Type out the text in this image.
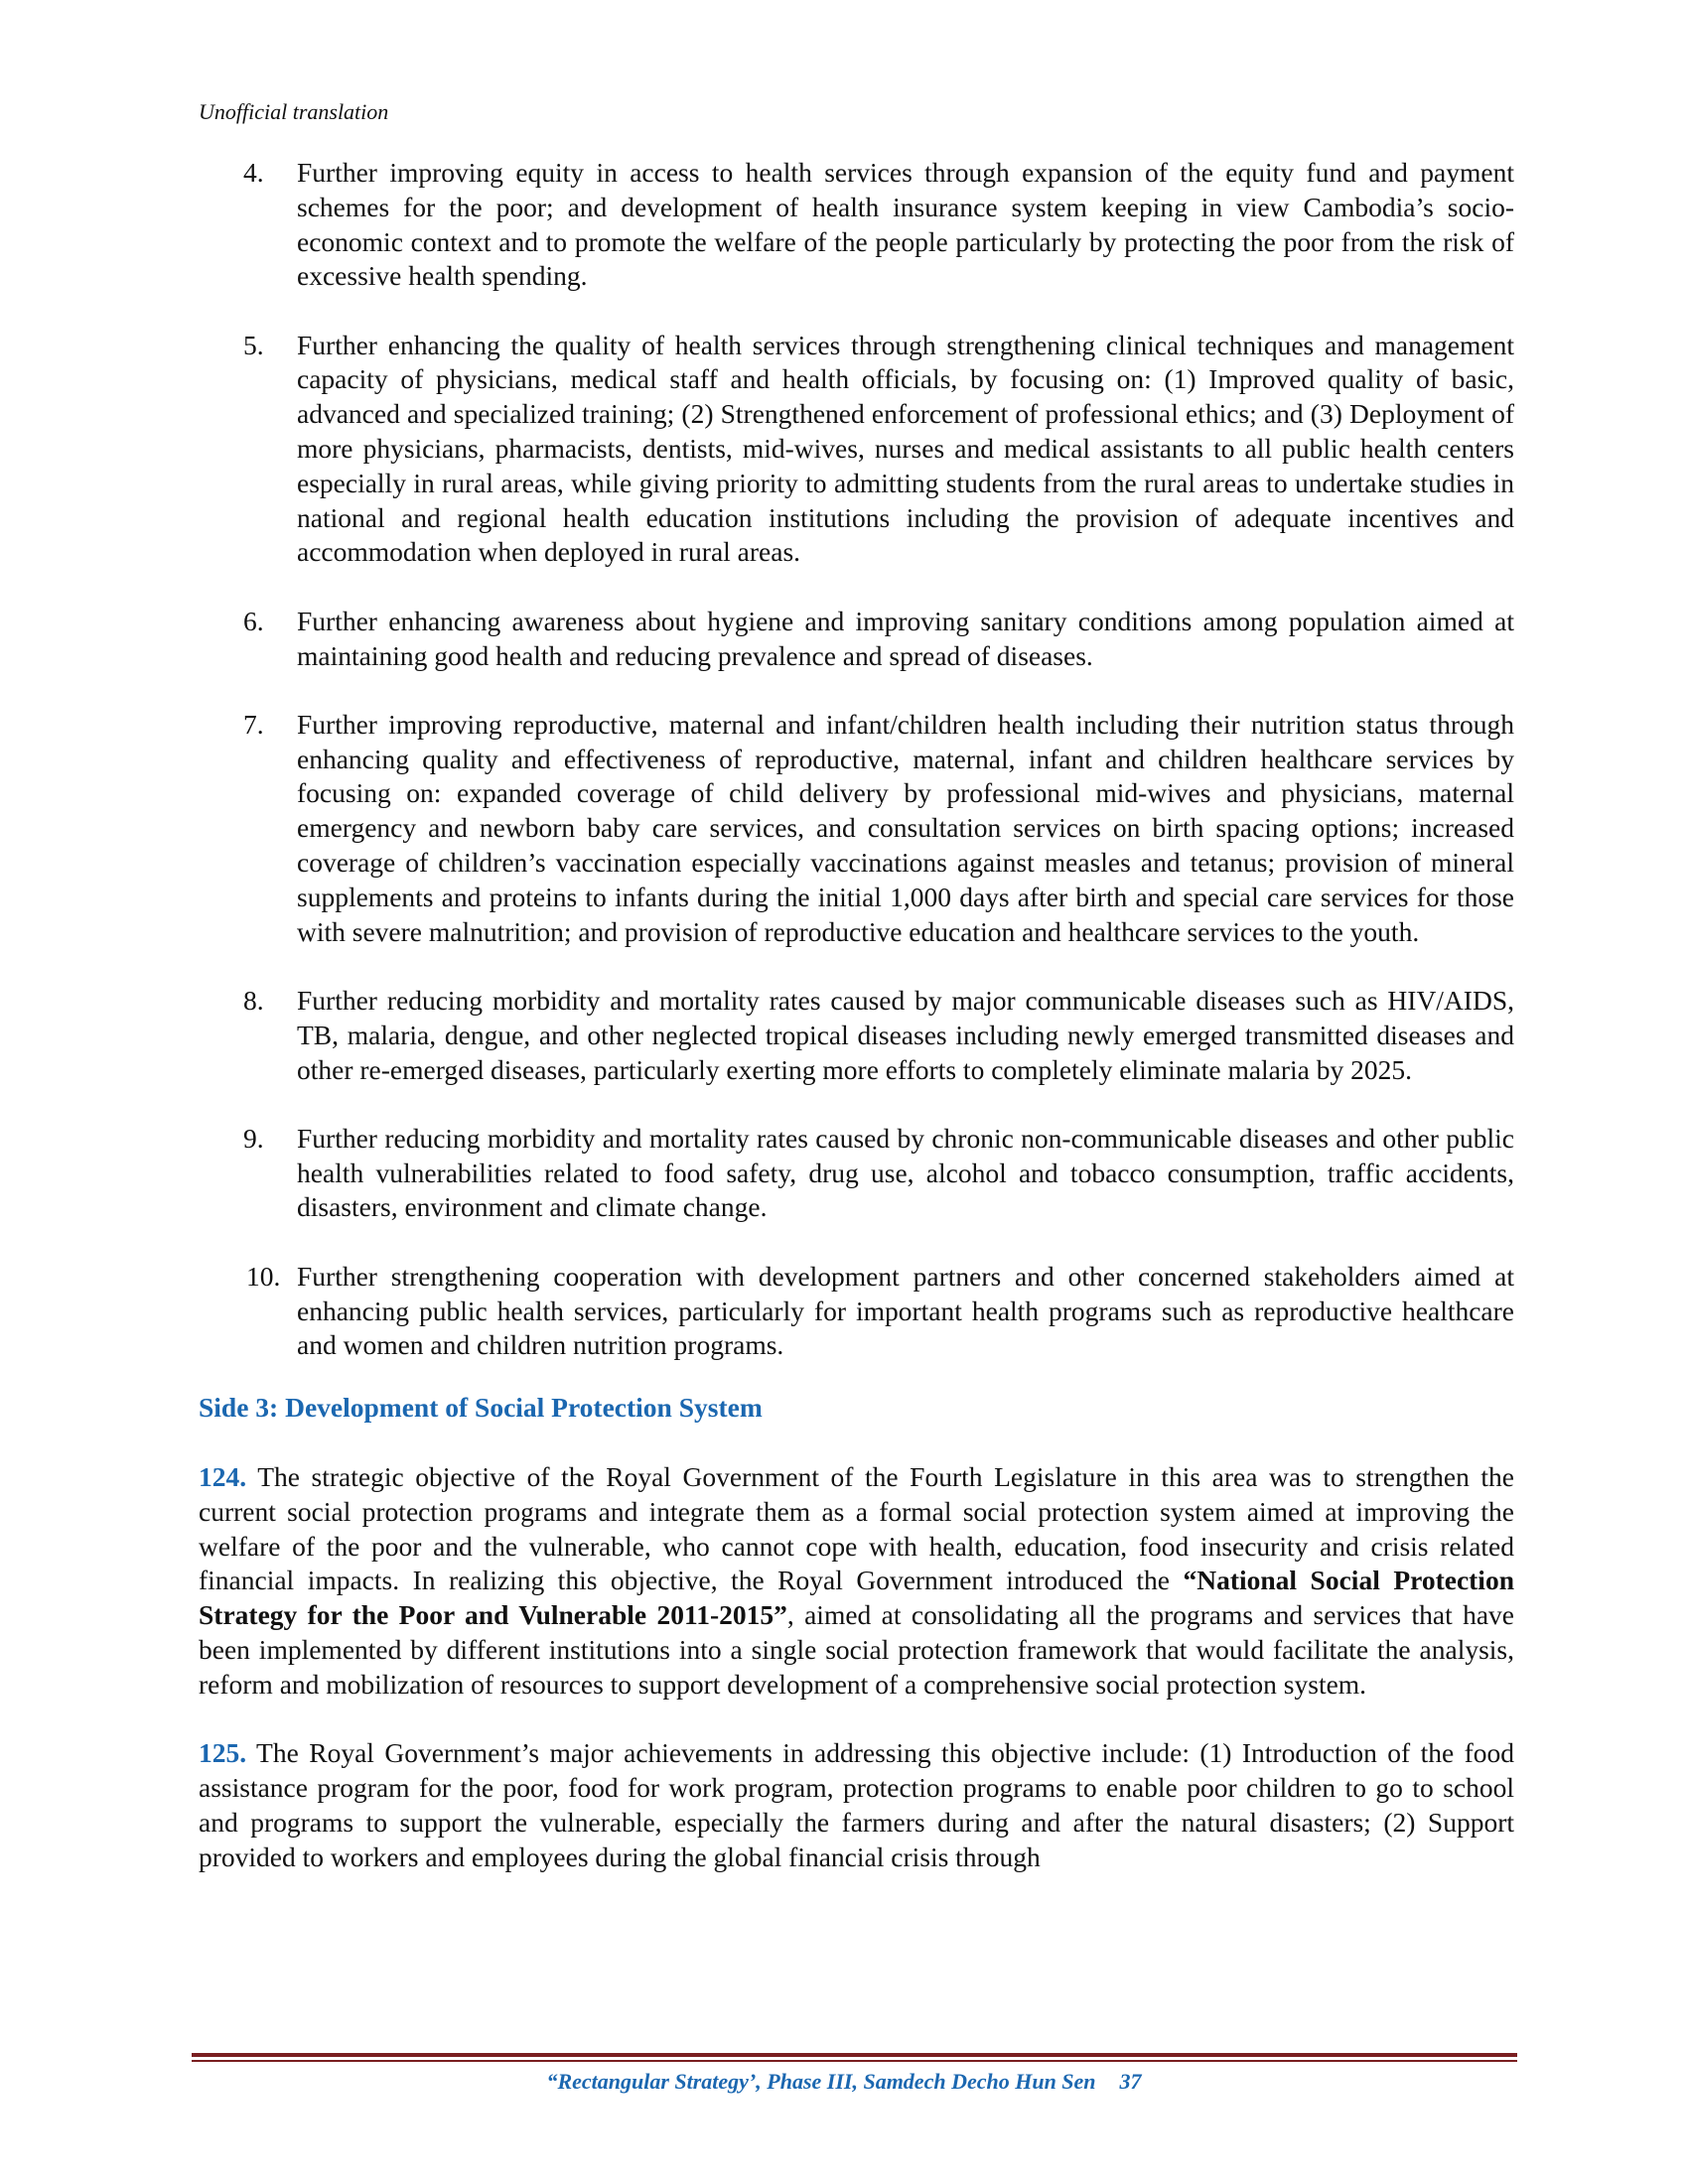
Unofficial translation
4.	Further improving equity in access to health services through expansion of the equity fund and payment schemes for the poor; and development of health insurance system keeping in view Cambodia’s socio-economic context and to promote the welfare of the people particularly by protecting the poor from the risk of excessive health spending.
5.	Further enhancing the quality of health services through strengthening clinical techniques and management capacity of physicians, medical staff and health officials, by focusing on: (1) Improved quality of basic, advanced and specialized training; (2) Strengthened enforcement of professional ethics; and (3) Deployment of more physicians, pharmacists, dentists, mid-wives, nurses and medical assistants to all public health centers especially in rural areas, while giving priority to admitting students from the rural areas to undertake studies in national and regional health education institutions including the provision of adequate incentives and accommodation when deployed in rural areas.
6.	Further enhancing awareness about hygiene and improving sanitary conditions among population aimed at maintaining good health and reducing prevalence and spread of diseases.
7.	Further improving reproductive, maternal and infant/children health including their nutrition status through enhancing quality and effectiveness of reproductive, maternal, infant and children healthcare services by focusing on: expanded coverage of child delivery by professional mid-wives and physicians, maternal emergency and newborn baby care services, and consultation services on birth spacing options; increased coverage of children’s vaccination especially vaccinations against measles and tetanus; provision of mineral supplements and proteins to infants during the initial 1,000 days after birth and special care services for those with severe malnutrition; and provision of reproductive education and healthcare services to the youth.
8.	Further reducing morbidity and mortality rates caused by major communicable diseases such as HIV/AIDS, TB, malaria, dengue, and other neglected tropical diseases including newly emerged transmitted diseases and other re-emerged diseases, particularly exerting more efforts to completely eliminate malaria by 2025.
9.	Further reducing morbidity and mortality rates caused by chronic non-communicable diseases and other public health vulnerabilities related to food safety, drug use, alcohol and tobacco consumption, traffic accidents, disasters, environment and climate change.
10. Further strengthening cooperation with development partners and other concerned stakeholders aimed at enhancing public health services, particularly for important health programs such as reproductive healthcare and women and children nutrition programs.
Side 3: Development of Social Protection System

124. The strategic objective of the Royal Government of the Fourth Legislature in this area was to strengthen the current social protection programs and integrate them as a formal social protection system aimed at improving the welfare of the poor and the vulnerable, who cannot cope with health, education, food insecurity and crisis related financial impacts. In realizing this objective, the Royal Government introduced the “National Social Protection Strategy for the Poor and Vulnerable 2011-2015”, aimed at consolidating all the programs and services that have been implemented by different institutions into a single social protection framework that would facilitate the analysis, reform and mobilization of resources to support development of a comprehensive social protection system.

125. The Royal Government’s major achievements in addressing this objective include: (1) Introduction of the food assistance program for the poor, food for work program, protection programs to enable poor children to go to school and programs to support the vulnerable, especially the farmers during and after the natural disasters; (2) Support provided to workers and employees during the global financial crisis through

“Rectangular Strategy’, Phase III, Samdech Decho Hun Sen 37
